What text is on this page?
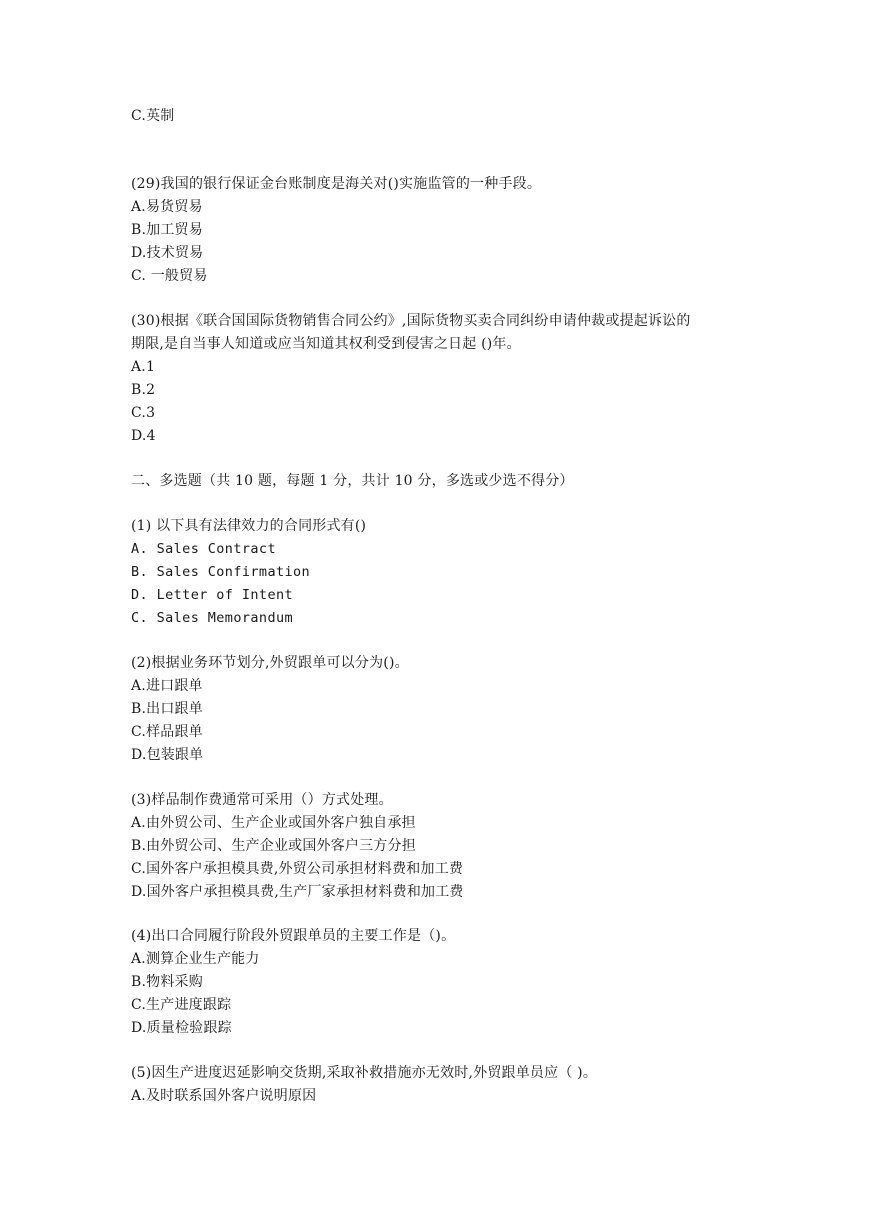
C.英制
(29)我国的银行保证金台账制度是海关对()实施监管的一种手段。
A.易货贸易
B.加工贸易
D.技术贸易
C. 一般贸易
(30)根据《联合国国际货物销售合同公约》,国际货物买卖合同纠纷申请仲裁或提起诉讼的
期限,是自当事人知道或应当知道其权利受到侵害之日起 ()年。
A.1
B.2
C.3
D.4
二、多选题（共 10 题，每题 1 分，共计 10 分，多选或少选不得分）
(1) 以下具有法律效力的合同形式有()
A. Sales Contract
B. Sales Confirmation
D. Letter of Intent
C. Sales Memorandum
(2)根据业务环节划分,外贸跟单可以分为()。
A.进口跟单
B.出口跟单
C.样品跟单
D.包装跟单
(3)样品制作费通常可采用（）方式处理。
A.由外贸公司、生产企业或国外客户独自承担
B.由外贸公司、生产企业或国外客户三方分担
C.国外客户承担模具费,外贸公司承担材料费和加工费
D.国外客户承担模具费,生产厂家承担材料费和加工费
(4)出口合同履行阶段外贸跟单员的主要工作是（)。
A.测算企业生产能力
B.物料采购
C.生产进度跟踪
D.质量检验跟踪
(5)因生产进度迟延影响交货期,采取补救措施亦无效时,外贸跟单员应（ )。
A.及时联系国外客户说明原因
